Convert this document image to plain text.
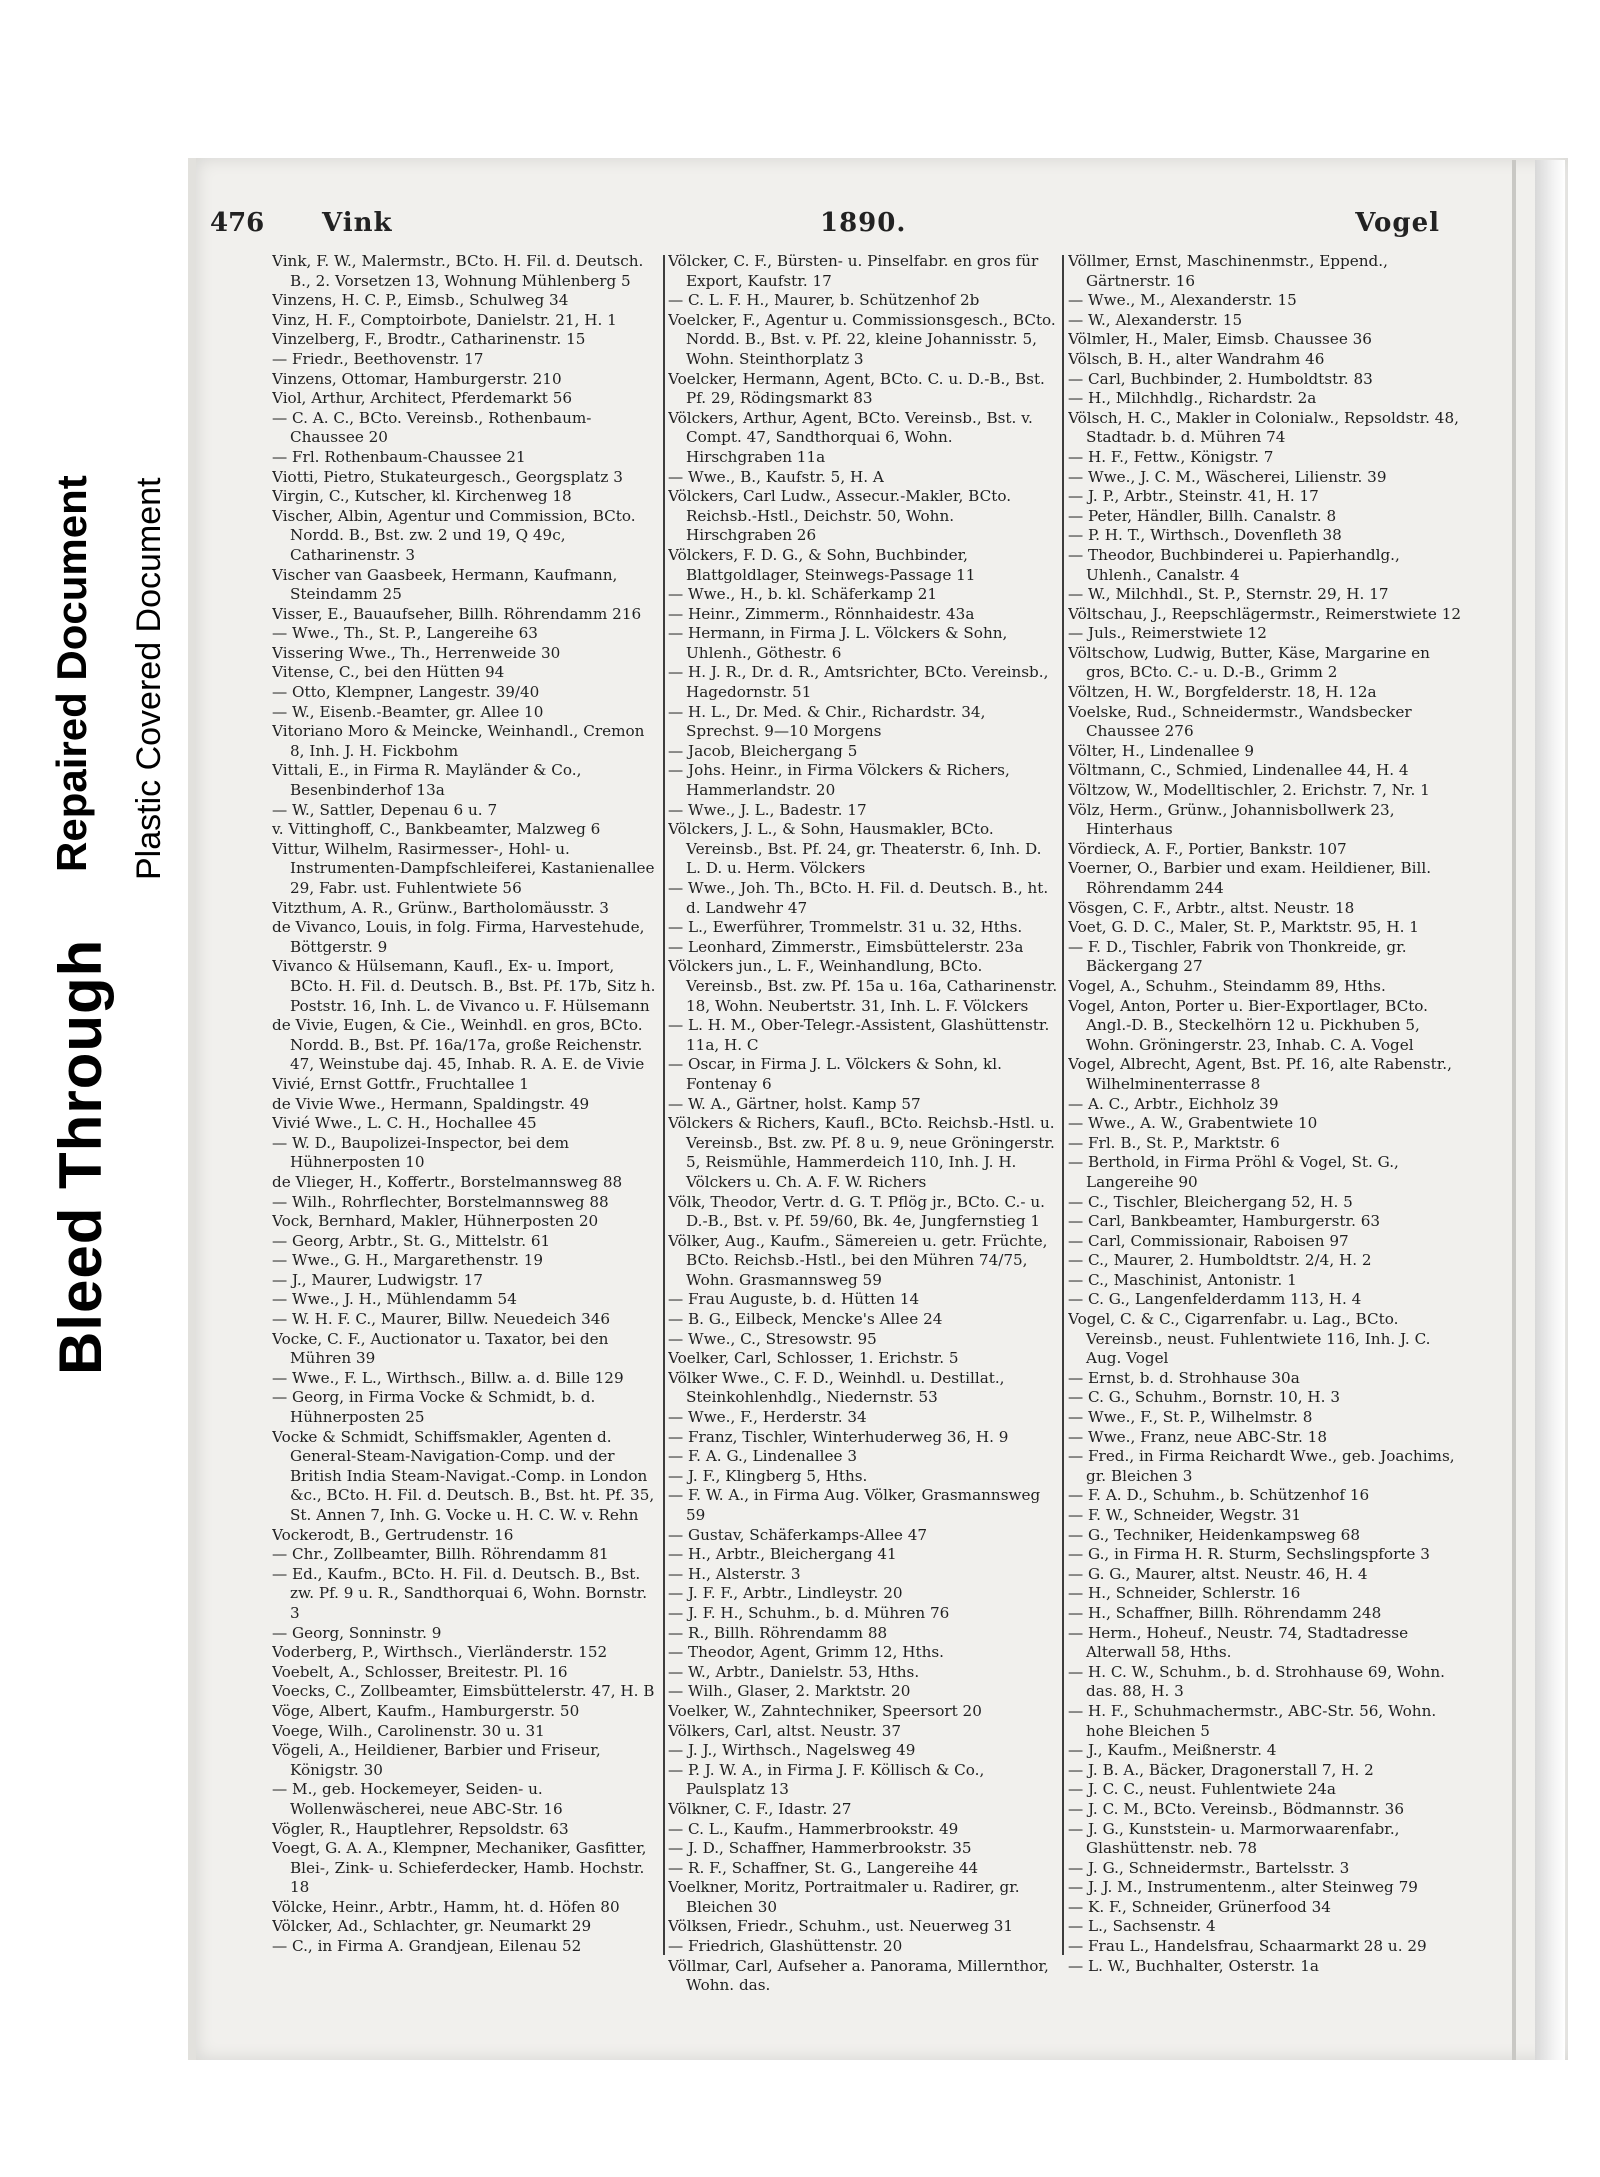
Bleed Through
Repaired Document Plastic Covered Document
476 Vink	1890.	Vogel
Vink, F. W., Malermstr., BCto. H. Fil. d. Deutsch. B., 2. Vorsetzen 13, Wohnung Mühlenberg 5
Vinzens, H. C. P., Eimsb., Schulweg 34
Vinz, H. F., Comptoirbote, Danielstr. 21, H. 1
Vinzelberg, F., Brodtr., Catharinenstr. 15
— Friedr., Beethovenstr. 17
Vinzens, Ottomar, Hamburgerstr. 210
Viol, Arthur, Architect, Pferdemarkt 56
— C. A. C., BCto. Vereinsb., Rothenbaum-Chaussee 20
— Frl. Rothenbaum-Chaussee 21
Viotti, Pietro, Stukateurgesch., Georgsplatz 3
Virgin, C., Kutscher, kl. Kirchenweg 18
Vischer, Albin, Agentur und Commission, BCto. Nordd. B., Bst. zw. 2 und 19, Q 49c, Catharinenstr. 3
Vischer van Gaasbeek, Hermann, Kaufmann, Steindamm 25
Visser, E., Bauaufseher, Billh. Röhrendamm 216
— Wwe., Th., St. P., Langereihe 63
Vissering Wwe., Th., Herrenweide 30
Vitense, C., bei den Hütten 94
— Otto, Klempner, Langestr. 39/40
— W., Eisenb.-Beamter, gr. Allee 10
Vitoriano Moro & Meincke, Weinhandl., Cremon 8, Inh. J. H. Fickbohm
Vittali, E., in Firma R. Mayländer & Co., Besenbinderhof 13a
— W., Sattler, Depenau 6 u. 7
v. Vittinghoff, C., Bankbeamter, Malzweg 6
Vittur, Wilhelm, Rasirmesser-, Hohl- u. Instrumenten-Dampfschleiferei, Kastanienallee 29, Fabr. ust. Fuhlentwiete 56
Vitzthum, A. R., Grünw., Bartholomäusstr. 3
de Vivanco, Louis, in folg. Firma, Harvestehude, Böttgerstr. 9
Vivanco & Hülsemann, Kaufl., Ex- u. Import, BCto. H. Fil. d. Deutsch. B., Bst. Pf. 17b, Sitz h. Poststr. 16, Inh. L. de Vivanco u. F. Hülsemann
de Vivie, Eugen, & Cie., Weinhdl. en gros, BCto. Nordd. B., Bst. Pf. 16a/17a, große Reichenstr. 47, Weinstube daj. 45, Inhab. R. A. E. de Vivie
Vivié, Ernst Gottfr., Fruchtallee 1
de Vivie Wwe., Hermann, Spaldingstr. 49
Vivié Wwe., L. C. H., Hochallee 45
— W. D., Baupolizei-Inspector, bei dem Hühnerposten 10
de Vlieger, H., Koffertr., Borstelmannsweg 88
— Wilh., Rohrflechter, Borstelmannsweg 88
Vock, Bernhard, Makler, Hühnerposten 20
— Georg, Arbtr., St. G., Mittelstr. 61
— Wwe., G. H., Margarethenstr. 19
— J., Maurer, Ludwigstr. 17
— Wwe., J. H., Mühlendamm 54
— W. H. F. C., Maurer, Billw. Neuedeich 346
Vocke, C. F., Auctionator u. Taxator, bei den Mühren 39
— Wwe., F. L., Wirthsch., Billw. a. d. Bille 129
— Georg, in Firma Vocke & Schmidt, b. d. Hühnerposten 25
Vocke & Schmidt, Schiffsmakler, Agenten d. General-Steam-Navigation-Comp. und der British India Steam-Navigat.-Comp. in London &c., BCto. H. Fil. d. Deutsch. B., Bst. ht. Pf. 35, St. Annen 7, Inh. G. Vocke u. H. C. W. v. Rehn
Vockerodt, B., Gertrudenstr. 16
— Chr., Zollbeamter, Billh. Röhrendamm 81
— Ed., Kaufm., BCto. H. Fil. d. Deutsch. B., Bst. zw. Pf. 9 u. R., Sandthorquai 6, Wohn. Bornstr. 3
— Georg, Sonninstr. 9
Voderberg, P., Wirthsch., Vierländerstr. 152
Voebelt, A., Schlosser, Breitestr. Pl. 16
Voecks, C., Zollbeamter, Eimsbüttelerstr. 47, H. B
Vöge, Albert, Kaufm., Hamburgerstr. 50
Voege, Wilh., Carolinenstr. 30 u. 31
Vögeli, A., Heildiener, Barbier und Friseur, Königstr. 30
— M., geb. Hockemeyer, Seiden- u. Wollenwäscherei, neue ABC-Str. 16
Vögler, R., Hauptlehrer, Repsoldstr. 63
Voegt, G. A. A., Klempner, Mechaniker, Gasfitter, Blei-, Zink- u. Schieferdecker, Hamb. Hochstr. 18
Völcke, Heinr., Arbtr., Hamm, ht. d. Höfen 80
Völcker, Ad., Schlachter, gr. Neumarkt 29
— C., in Firma A. Grandjean, Eilenau 52
Völcker, C. F., Bürsten- u. Pinselfabr. en gros für Export, Kaufstr. 17
— C. L. F. H., Maurer, b. Schützenhof 2b
Voelcker, F., Agentur u. Commissionsgesch., BCto. Nordd. B., Bst. v. Pf. 22, kleine Johannisstr. 5, Wohn. Steinthorplatz 3
Voelcker, Hermann, Agent, BCto. C. u. D.-B., Bst. Pf. 29, Rödingsmarkt 83
Völckers, Arthur, Agent, BCto. Vereinsb., Bst. v. Compt. 47, Sandthorquai 6, Wohn. Hirschgraben 11a
— Wwe., B., Kaufstr. 5, H. A
Völckers, Carl Ludw., Assecur.-Makler, BCto. Reichsb.-Hstl., Deichstr. 50, Wohn. Hirschgraben 26
Völckers, F. D. G., & Sohn, Buchbinder, Blattgoldlager, Steinwegs-Passage 11
— Wwe., H., b. kl. Schäferkamp 21
— Heinr., Zimmerm., Rönnhaidestr. 43a
— Hermann, in Firma J. L. Völckers & Sohn, Uhlenh., Göthestr. 6
— H. J. R., Dr. d. R., Amtsrichter, BCto. Vereinsb., Hagedornstr. 51
— H. L., Dr. Med. & Chir., Richardstr. 34, Sprechst. 9—10 Morgens
— Jacob, Bleichergang 5
— Johs. Heinr., in Firma Völckers & Richers, Hammerlandstr. 20
— Wwe., J. L., Badestr. 17
Völckers, J. L., & Sohn, Hausmakler, BCto. Vereinsb., Bst. Pf. 24, gr. Theaterstr. 6, Inh. D. L. D. u. Herm. Völckers
— Wwe., Joh. Th., BCto. H. Fil. d. Deutsch. B., ht. d. Landwehr 47
— L., Ewerführer, Trommelstr. 31 u. 32, Hths.
— Leonhard, Zimmerstr., Eimsbüttelerstr. 23a
Völckers jun., L. F., Weinhandlung, BCto. Vereinsb., Bst. zw. Pf. 15a u. 16a, Catharinenstr. 18, Wohn. Neubertstr. 31, Inh. L. F. Völckers
— L. H. M., Ober-Telegr.-Assistent, Glashüttenstr. 11a, H. C
— Oscar, in Firma J. L. Völckers & Sohn, kl. Fontenay 6
— W. A., Gärtner, holst. Kamp 57
Völckers & Richers, Kaufl., BCto. Reichsb.-Hstl. u. Vereinsb., Bst. zw. Pf. 8 u. 9, neue Gröningerstr. 5, Reismühle, Hammerdeich 110, Inh. J. H. Völckers u. Ch. A. F. W. Richers
Völk, Theodor, Vertr. d. G. T. Pflög jr., BCto. C.- u. D.-B., Bst. v. Pf. 59/60, Bk. 4e, Jungfernstieg 1
Völker, Aug., Kaufm., Sämereien u. getr. Früchte, BCto. Reichsb.-Hstl., bei den Mühren 74/75, Wohn. Grasmannsweg 59
— Frau Auguste, b. d. Hütten 14
— B. G., Eilbeck, Mencke's Allee 24
— Wwe., C., Stresowstr. 95
Voelker, Carl, Schlosser, 1. Erichstr. 5
Völker Wwe., C. F. D., Weinhdl. u. Destillat., Steinkohlenhdlg., Niedernstr. 53
— Wwe., F., Herderstr. 34
— Franz, Tischler, Winterhuderweg 36, H. 9
— F. A. G., Lindenallee 3
— J. F., Klingberg 5, Hths.
— F. W. A., in Firma Aug. Völker, Grasmannsweg 59
— Gustav, Schäferkamps-Allee 47
— H., Arbtr., Bleichergang 41
— H., Alsterstr. 3
— J. F. F., Arbtr., Lindleystr. 20
— J. F. H., Schuhm., b. d. Mühren 76
— R., Billh. Röhrendamm 88
— Theodor, Agent, Grimm 12, Hths.
— W., Arbtr., Danielstr. 53, Hths.
— Wilh., Glaser, 2. Marktstr. 20
Voelker, W., Zahntechniker, Speersort 20
Völkers, Carl, altst. Neustr. 37
— J. J., Wirthsch., Nagelsweg 49
— P. J. W. A., in Firma J. F. Köllisch & Co., Paulsplatz 13
Völkner, C. F., Idastr. 27
— C. L., Kaufm., Hammerbrookstr. 49
— J. D., Schaffner, Hammerbrookstr. 35
— R. F., Schaffner, St. G., Langereihe 44
Voelkner, Moritz, Portraitmaler u. Radirer, gr. Bleichen 30
Völksen, Friedr., Schuhm., ust. Neuerweg 31
— Friedrich, Glashüttenstr. 20
Völlmar, Carl, Aufseher a. Panorama, Millernthor, Wohn. das.
Völlmer, Ernst, Maschinenmstr., Eppend., Gärtnerstr. 16
— Wwe., M., Alexanderstr. 15
— W., Alexanderstr. 15
Völmler, H., Maler, Eimsb. Chaussee 36
Völsch, B. H., alter Wandrahm 46
— Carl, Buchbinder, 2. Humboldtstr. 83
— H., Milchhdlg., Richardstr. 2a
Völsch, H. C., Makler in Colonialw., Repsoldstr. 48, Stadtadr. b. d. Mühren 74
— H. F., Fettw., Königstr. 7
— Wwe., J. C. M., Wäscherei, Lilienstr. 39
— J. P., Arbtr., Steinstr. 41, H. 17
— Peter, Händler, Billh. Canalstr. 8
— P. H. T., Wirthsch., Dovenfleth 38
— Theodor, Buchbinderei u. Papierhandlg., Uhlenh., Canalstr. 4
— W., Milchhdl., St. P., Sternstr. 29, H. 17
Völtschau, J., Reepschlägermstr., Reimerstwiete 12
— Juls., Reimerstwiete 12
Völtschow, Ludwig, Butter, Käse, Margarine en gros, BCto. C.- u. D.-B., Grimm 2
Völtzen, H. W., Borgfelderstr. 18, H. 12a
Voelske, Rud., Schneidermstr., Wandsbecker Chaussee 276
Völter, H., Lindenallee 9
Völtmann, C., Schmied, Lindenallee 44, H. 4
Völtzow, W., Modelltischler, 2. Erichstr. 7, Nr. 1
Völz, Herm., Grünw., Johannisbollwerk 23, Hinterhaus
Vördieck, A. F., Portier, Bankstr. 107
Voerner, O., Barbier und exam. Heildiener, Bill. Röhrendamm 244
Vösgen, C. F., Arbtr., altst. Neustr. 18
Voet, G. D. C., Maler, St. P., Marktstr. 95, H. 1
— F. D., Tischler, Fabrik von Thonkreide, gr. Bäckergang 27
Vogel, A., Schuhm., Steindamm 89, Hths.
Vogel, Anton, Porter u. Bier-Exportlager, BCto. Angl.-D. B., Steckelhörn 12 u. Pickhuben 5, Wohn. Gröningerstr. 23, Inhab. C. A. Vogel
Vogel, Albrecht, Agent, Bst. Pf. 16, alte Rabenstr., Wilhelminenterrasse 8
— A. C., Arbtr., Eichholz 39
— Wwe., A. W., Grabentwiete 10
— Frl. B., St. P., Marktstr. 6
— Berthold, in Firma Pröhl & Vogel, St. G., Langereihe 90
— C., Tischler, Bleichergang 52, H. 5
— Carl, Bankbeamter, Hamburgerstr. 63
— Carl, Commissionair, Raboisen 97
— C., Maurer, 2. Humboldtstr. 2/4, H. 2
— C., Maschinist, Antonistr. 1
— C. G., Langenfelderdamm 113, H. 4
Vogel, C. & C., Cigarrenfabr. u. Lag., BCto. Vereinsb., neust. Fuhlentwiete 116, Inh. J. C. Aug. Vogel
— Ernst, b. d. Strohhause 30a
— C. G., Schuhm., Bornstr. 10, H. 3
— Wwe., F., St. P., Wilhelmstr. 8
— Wwe., Franz, neue ABC-Str. 18
— Fred., in Firma Reichardt Wwe., geb. Joachims, gr. Bleichen 3
— F. A. D., Schuhm., b. Schützenhof 16
— F. W., Schneider, Wegstr. 31
— G., Techniker, Heidenkampsweg 68
— G., in Firma H. R. Sturm, Sechslingspforte 3
— G. G., Maurer, altst. Neustr. 46, H. 4
— H., Schneider, Schlerstr. 16
— H., Schaffner, Billh. Röhrendamm 248
— Herm., Hoheuf., Neustr. 74, Stadtadresse Alterwall 58, Hths.
— H. C. W., Schuhm., b. d. Strohhause 69, Wohn. das. 88, H. 3
— H. F., Schuhmachermstr., ABC-Str. 56, Wohn. hohe Bleichen 5
— J., Kaufm., Meißnerstr. 4
— J. B. A., Bäcker, Dragonerstall 7, H. 2
— J. C. C., neust. Fuhlentwiete 24a
— J. C. M., BCto. Vereinsb., Bödmannstr. 36
— J. G., Kunststein- u. Marmorwaarenfabr., Glashüttenstr. neb. 78
— J. G., Schneidermstr., Bartelsstr. 3
— J. J. M., Instrumentenm., alter Steinweg 79
— K. F., Schneider, Grünerfood 34
— L., Sachsenstr. 4
— Frau L., Handelsfrau, Schaarmarkt 28 u. 29
— L. W., Buchhalter, Osterstr. 1a
